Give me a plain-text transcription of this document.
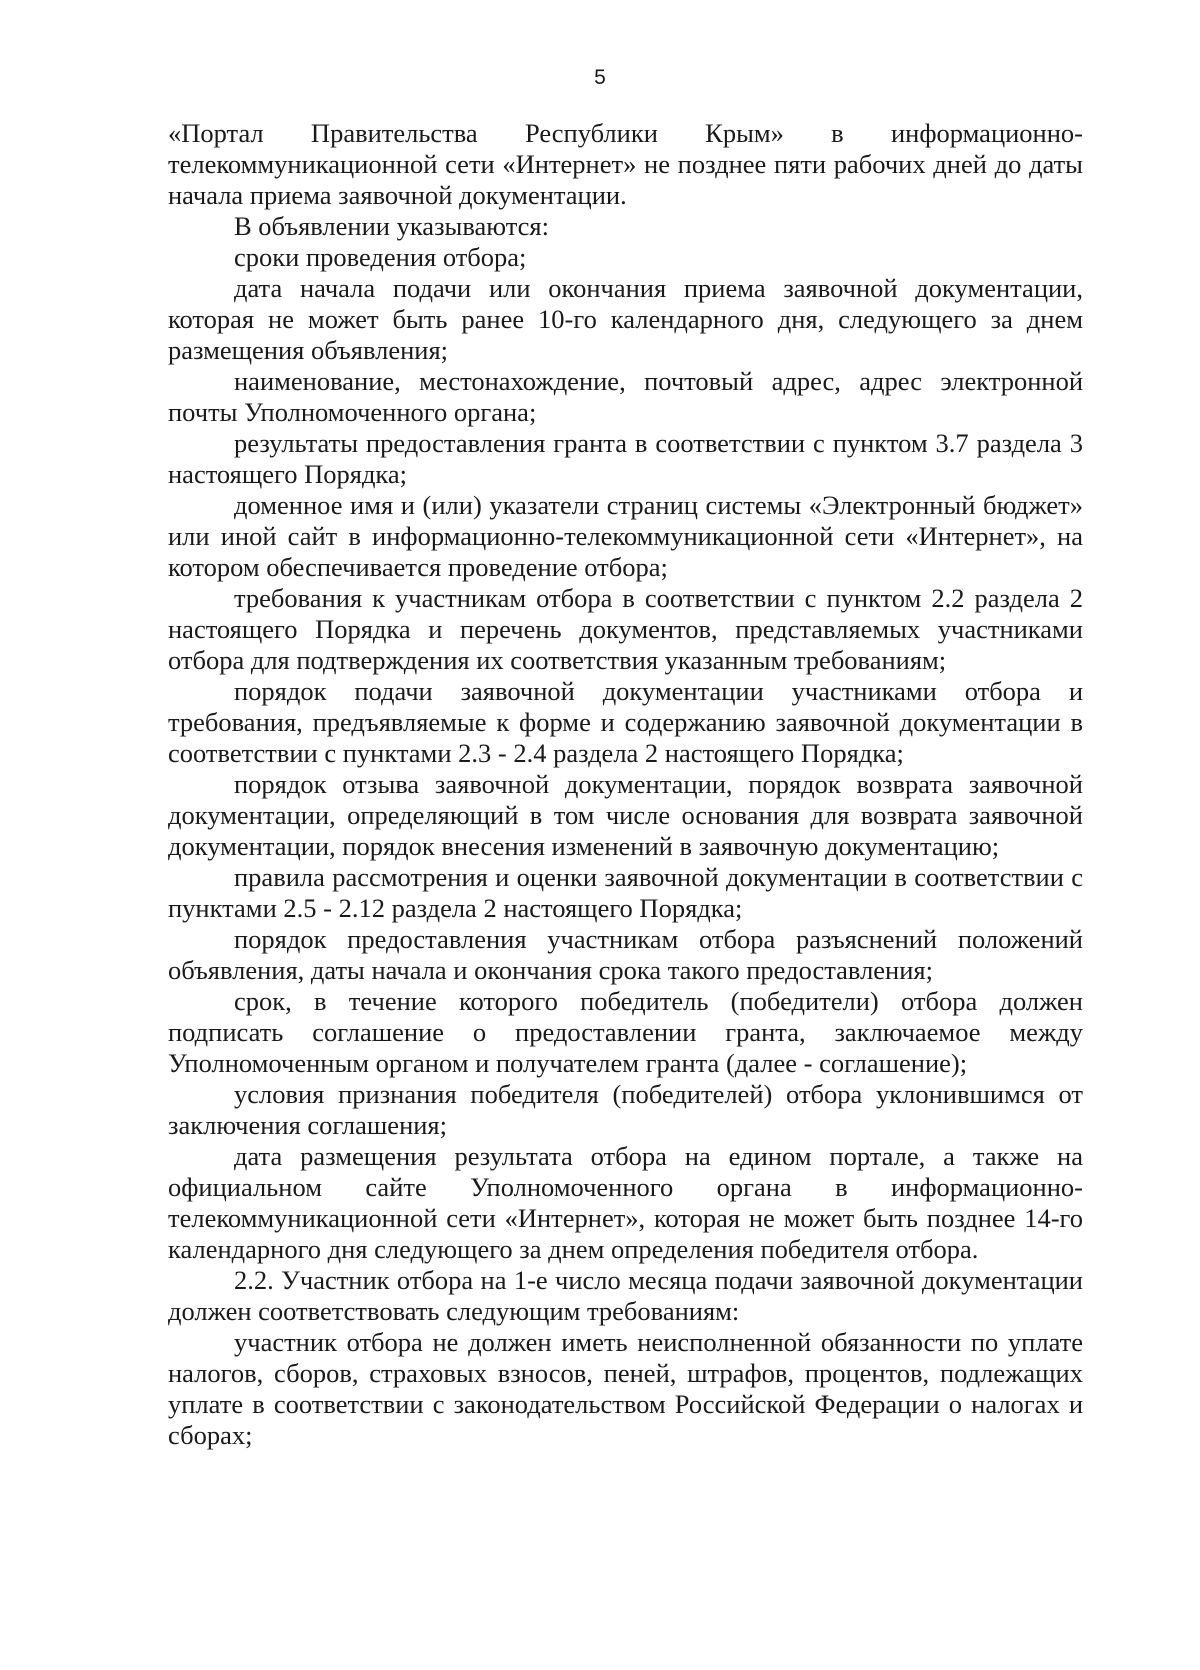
5

«Портал Правительства Республики Крым» в информационно-телекоммуникационной сети «Интернет» не позднее пяти рабочих дней до даты начала приема заявочной документации.

В объявлении указываются:

сроки проведения отбора;

дата начала подачи или окончания приема заявочной документации, которая не может быть ранее 10-го календарного дня, следующего за днем размещения объявления;

наименование, местонахождение, почтовый адрес, адрес электронной почты Уполномоченного органа;

результаты предоставления гранта в соответствии с пунктом 3.7 раздела 3 настоящего Порядка;

доменное имя и (или) указатели страниц системы «Электронный бюджет» или иной сайт в информационно-телекоммуникационной сети «Интернет», на котором обеспечивается проведение отбора;

требования к участникам отбора в соответствии с пунктом 2.2 раздела 2 настоящего Порядка и перечень документов, представляемых участниками отбора для подтверждения их соответствия указанным требованиям;

порядок подачи заявочной документации участниками отбора и требования, предъявляемые к форме и содержанию заявочной документации в соответствии с пунктами 2.3 - 2.4 раздела 2 настоящего Порядка;

порядок отзыва заявочной документации, порядок возврата заявочной документации, определяющий в том числе основания для возврата заявочной документации, порядок внесения изменений в заявочную документацию;

правила рассмотрения и оценки заявочной документации в соответствии с пунктами 2.5 - 2.12 раздела 2 настоящего Порядка;

порядок предоставления участникам отбора разъяснений положений объявления, даты начала и окончания срока такого предоставления;

срок, в течение которого победитель (победители) отбора должен подписать соглашение о предоставлении гранта, заключаемое между Уполномоченным органом и получателем гранта (далее - соглашение);

условия признания победителя (победителей) отбора уклонившимся от заключения соглашения;

дата размещения результата отбора на едином портале, а также на официальном сайте Уполномоченного органа в информационно-телекоммуникационной сети «Интернет», которая не может быть позднее 14-го календарного дня следующего за днем определения победителя отбора.

2.2. Участник отбора на 1-е число месяца подачи заявочной документации должен соответствовать следующим требованиям:

участник отбора не должен иметь неисполненной обязанности по уплате налогов, сборов, страховых взносов, пеней, штрафов, процентов, подлежащих уплате в соответствии с законодательством Российской Федерации о налогах и сборах;
